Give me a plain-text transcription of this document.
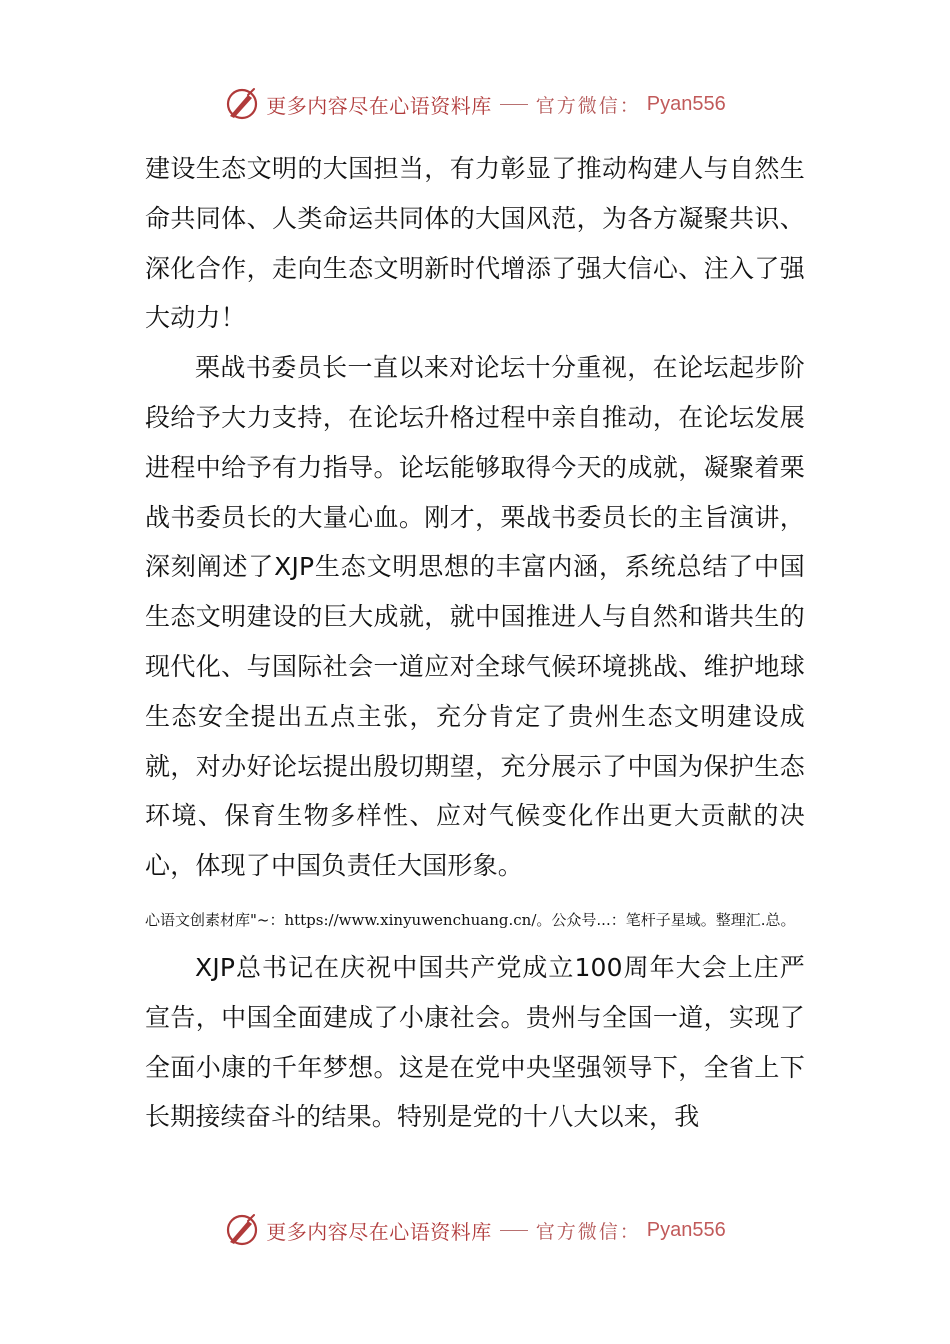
更多内容尽在心语资料库 官方微信： Pyan556

建设生态文明的大国担当，有力彰显了推动构建人与自然生命共同体、人类命运共同体的大国风范，为各方凝聚共识、深化合作，走向生态文明新时代增添了强大信心、注入了强大动力！

栗战书委员长一直以来对论坛十分重视，在论坛起步阶段给予大力支持，在论坛升格过程中亲自推动，在论坛发展进程中给予有力指导。论坛能够取得今天的成就，凝聚着栗战书委员长的大量心血。刚才，栗战书委员长的主旨演讲，深刻阐述了XJP生态文明思想的丰富内涵，系统总结了中国生态文明建设的巨大成就，就中国推进人与自然和谐共生的现代化、与国际社会一道应对全球气候环境挑战、维护地球生态安全提出五点主张，充分肯定了贵州生态文明建设成就，对办好论坛提出殷切期望，充分展示了中国为保护生态环境、保育生物多样性、应对气候变化作出更大贡献的决心，体现了中国负责任大国形象。

心语文创素材库"~：https://www.xinyuwenchuang.cn/。公众号...：笔杆子星域。整理汇.总。

XJP总书记在庆祝中国共产党成立100周年大会上庄严宣告，中国全面建成了小康社会。贵州与全国一道，实现了全面小康的千年梦想。这是在党中央坚强领导下，全省上下长期接续奋斗的结果。特别是党的十八大以来，我

更多内容尽在心语资料库 官方微信： Pyan556
